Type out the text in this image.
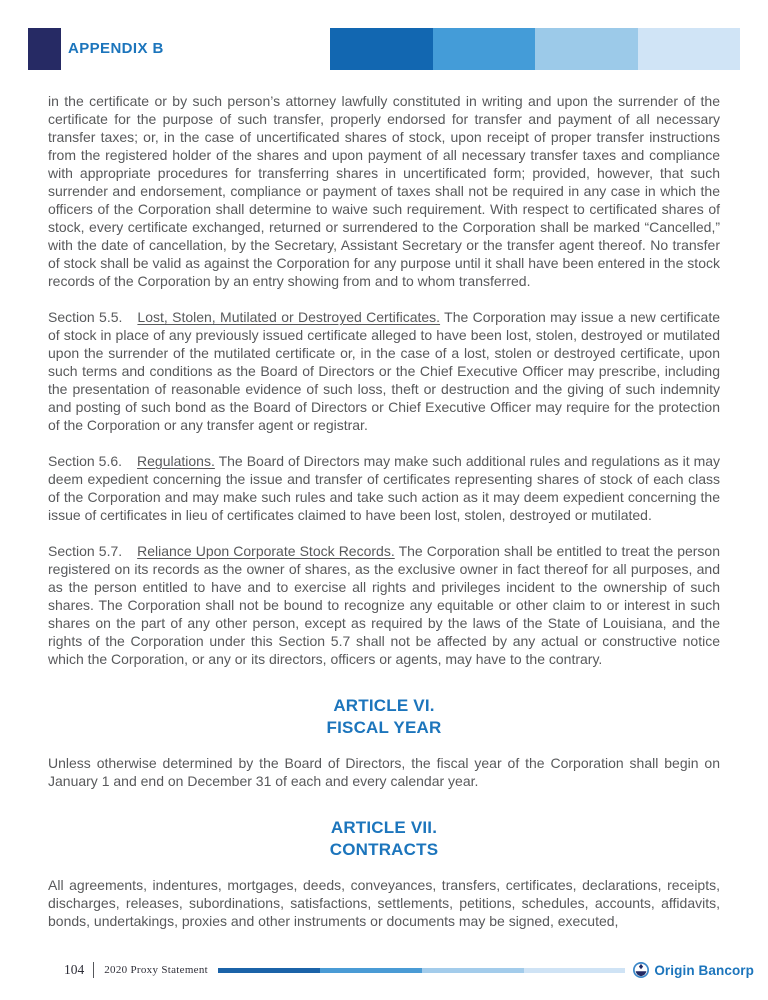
APPENDIX B

in the certificate or by such person’s attorney lawfully constituted in writing and upon the surrender of the certificate for the purpose of such transfer, properly endorsed for transfer and payment of all necessary transfer taxes; or, in the case of uncertificated shares of stock, upon receipt of proper transfer instructions from the registered holder of the shares and upon payment of all necessary transfer taxes and compliance with appropriate procedures for transferring shares in uncertificated form; provided, however, that such surrender and endorsement, compliance or payment of taxes shall not be required in any case in which the officers of the Corporation shall determine to waive such requirement. With respect to certificated shares of stock, every certificate exchanged, returned or surrendered to the Corporation shall be marked “Cancelled,” with the date of cancellation, by the Secretary, Assistant Secretary or the transfer agent thereof. No transfer of stock shall be valid as against the Corporation for any purpose until it shall have been entered in the stock records of the Corporation by an entry showing from and to whom transferred.

Section 5.5. Lost, Stolen, Mutilated or Destroyed Certificates. The Corporation may issue a new certificate of stock in place of any previously issued certificate alleged to have been lost, stolen, destroyed or mutilated upon the surrender of the mutilated certificate or, in the case of a lost, stolen or destroyed certificate, upon such terms and conditions as the Board of Directors or the Chief Executive Officer may prescribe, including the presentation of reasonable evidence of such loss, theft or destruction and the giving of such indemnity and posting of such bond as the Board of Directors or Chief Executive Officer may require for the protection of the Corporation or any transfer agent or registrar.

Section 5.6. Regulations. The Board of Directors may make such additional rules and regulations as it may deem expedient concerning the issue and transfer of certificates representing shares of stock of each class of the Corporation and may make such rules and take such action as it may deem expedient concerning the issue of certificates in lieu of certificates claimed to have been lost, stolen, destroyed or mutilated.

Section 5.7. Reliance Upon Corporate Stock Records. The Corporation shall be entitled to treat the person registered on its records as the owner of shares, as the exclusive owner in fact thereof for all purposes, and as the person entitled to have and to exercise all rights and privileges incident to the ownership of such shares. The Corporation shall not be bound to recognize any equitable or other claim to or interest in such shares on the part of any other person, except as required by the laws of the State of Louisiana, and the rights of the Corporation under this Section 5.7 shall not be affected by any actual or constructive notice which the Corporation, or any or its directors, officers or agents, may have to the contrary.

ARTICLE VI.
FISCAL YEAR

Unless otherwise determined by the Board of Directors, the fiscal year of the Corporation shall begin on January 1 and end on December 31 of each and every calendar year.

ARTICLE VII.
CONTRACTS

All agreements, indentures, mortgages, deeds, conveyances, transfers, certificates, declarations, receipts, discharges, releases, subordinations, satisfactions, settlements, petitions, schedules, accounts, affidavits, bonds, undertakings, proxies and other instruments or documents may be signed, executed,

104 2020 Proxy Statement	Origin Bancorp
